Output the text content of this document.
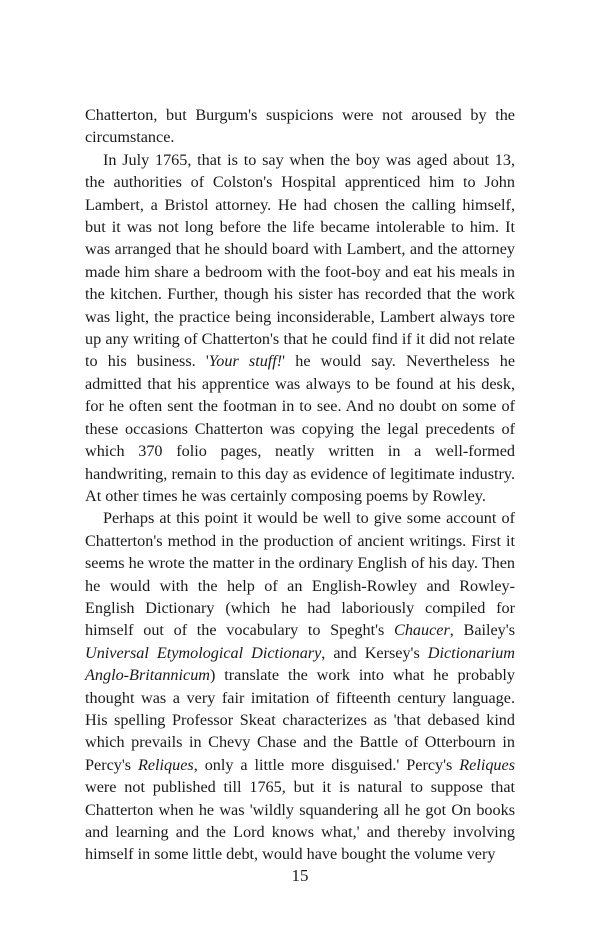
Chatterton, but Burgum's suspicions were not aroused by the circumstance.

In July 1765, that is to say when the boy was aged about 13, the authorities of Colston's Hospital apprenticed him to John Lambert, a Bristol attorney. He had chosen the calling himself, but it was not long before the life became intolerable to him. It was arranged that he should board with Lambert, and the attorney made him share a bedroom with the foot-boy and eat his meals in the kitchen. Further, though his sister has recorded that the work was light, the practice being inconsiderable, Lambert always tore up any writing of Chatterton's that he could find if it did not relate to his business. 'Your stuff!' he would say. Nevertheless he admitted that his apprentice was always to be found at his desk, for he often sent the footman in to see. And no doubt on some of these occasions Chatterton was copying the legal precedents of which 370 folio pages, neatly written in a well-formed handwriting, remain to this day as evidence of legitimate industry. At other times he was certainly composing poems by Rowley.

Perhaps at this point it would be well to give some account of Chatterton's method in the production of ancient writings. First it seems he wrote the matter in the ordinary English of his day. Then he would with the help of an English-Rowley and Rowley-English Dictionary (which he had laboriously compiled for himself out of the vocabulary to Speght's Chaucer, Bailey's Universal Etymological Dictionary, and Kersey's Dictionarium Anglo-Britannicum) translate the work into what he probably thought was a very fair imitation of fifteenth century language. His spelling Professor Skeat characterizes as 'that debased kind which prevails in Chevy Chase and the Battle of Otterbourn in Percy's Reliques, only a little more disguised.' Percy's Reliques were not published till 1765, but it is natural to suppose that Chatterton when he was 'wildly squandering all he got On books and learning and the Lord knows what,' and thereby involving himself in some little debt, would have bought the volume very

15
